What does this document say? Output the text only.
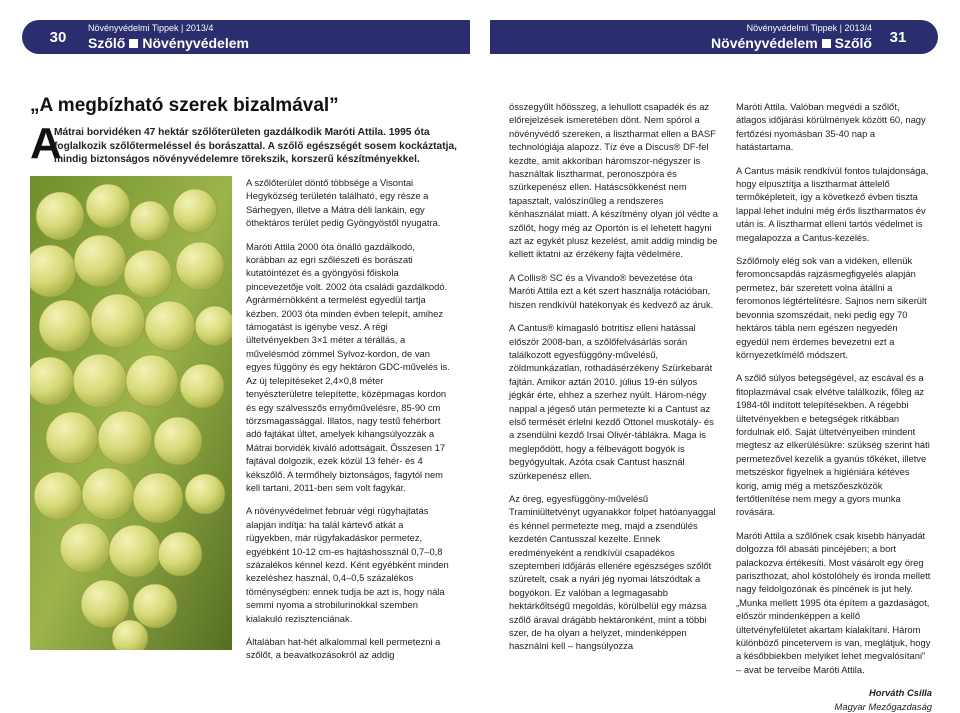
30
Növényvédelmi Tippek | 2013/4
Szőlő Növényvédelem	31
Növényvédelmi Tippek | 2013/4
Növényvédelem Szőlő
„A megbízható szerek bizalmával”
A
Mátrai borvidéken 47 hektár szőlőterületen gazdálkodik Maróti Attila. 1995 óta foglalkozik szőlőtermeléssel és borászattal. A szőlő egészségét sosem kockáztatja, mindig biztonságos növényvédelemre törekszik, korszerű készítményekkel.

A szőlőterület döntő többsége a Visontai Hegyközség területén található, egy része a Sárhegyen, illetve a Mátra déli lankáin, egy öthektáros terület pedig Gyöngyöstől nyugatra.

Maróti Attila 2000 óta önálló gazdálkodó, korábban az egri szőlészeti és borászati kutatóintézet és a gyöngyösi főiskola pincevezetője volt. 2002 óta családi gazdálkodó. Agrármérnökként a termelést egyedül tartja kézben. 2003 óta minden évben telepít, amihez támogatást is igénybe vesz. A régi ültetvényekben 3×1 méter a térállás, a művelésmód zömmel Sylvoz-kordon, de van egyes függöny és egy hektáron GDC-művelés is. Az új telepítéseket 2,4×0,8 méter tenyészterületre telepítette, középmagas kordon és egy szálvesszős ernyőművelésre, 85-90 cm törzsmagassággal. Illatos, nagy testű fehérbort adó fajtákat ültet, amelyek kihangsúlyozzák a Mátrai borvidék kiváló adottságait. Összesen 17 fajtával dolgozik, ezek közül 13 fehér- és 4 kékszőlő. A termőhely biztonságos, fagytól nem kell tartani, 2011-ben sem volt fagykár.

A növényvédelmet február végi rügyhajtatás alapján indítja: ha talál kártevő atkát a rügyekben, már rügyfakadáskor permetez, egyébként 10-12 cm-es hajtáshossznál 0,7–0,8 százalékos kénnel kezd. Ként egyébként minden kezeléshez használ, 0,4–0,5 százalékos töménységben: ennek tudja be azt is, hogy nála semmi nyoma a strobilurinokkal szemben kialakuló rezisztenciának.

Általában hat-hét alkalommal kell permetezni a szőlőt, a beavatkozásokról az addig

összegyűlt hőösszeg, a lehullott csapadék és az előrejelzések ismeretében dönt. Nem spórol a növényvédő szereken, a lisztharmat ellen a BASF technológiája alapozz. Tíz éve a Discus® DF-fel kezdte, amit akkoriban háromszor-négyszer is használtak lisztharmat, peronoszpóra és szürkepenész ellen. Hatáscsökkenést nem tapasztalt, valószínűleg a rendszeres kénhasználat miatt. A készítmény olyan jól védte a szőlőt, hogy még az Oportón is el lehetett hagyni azt az egykét plusz kezelést, amit addig mindig be kellett iktatni az érzékeny fajta védelmére.

A Collis® SC és a Vivando® bevezetése óta Maróti Attila ezt a két szert használja rotációban, hiszen rendkívül hatékonyak és kedvező az áruk.

A Cantus® kimagasló botritisz elleni hatással először 2008-ban, a szőlőfelvásárlás során találkozott egyesfüggöny-művelésű, zöldmunkázatlan, rothadásérzékeny Szürkebarát fajtán. Amikor aztán 2010. július 19-én súlyos jégkár érte, ehhez a szerhez nyúlt. Három-négy nappal a jégeső után permetezte ki a Cantust az első termését érlelni kezdő Ottonel muskotály- és a zsendülni kezdő Irsai Olivér-táblákra. Maga is meglepődött, hogy a félbevágott bogyók is begyógyultak. Azóta csak Cantust használ szürkepenész ellen.

Az öreg, egyesfüggöny-művelésű Traminiültetvényt ugyanakkor folpet hatóanyaggal és kénnel permetezte meg, majd a zsendülés kezdetén Cantusszal kezelte. Ennek eredményeként a rendkívül csapadékos szeptemberi időjárás ellenére egészséges szőlőt szüretelt, csak a nyári jég nyomai látszódtak a bogyókon. Ez valóban a legmagasabb hektárkőltségű megoldás, körülbelül egy mázsa szőlő áraval drágább hektáronként, mint a többi szer, de ha olyan a helyzet, mindenképpen használni kell – hangsúlyozza

Maróti Attila. Valóban megvédi a szőlőt, átlagos időjárási körülmények között 60, nagy fertőzési nyomásban 35-40 nap a hatástartama.

A Cantus másik rendkívül fontos tulajdonsága, hogy elpusztítja a lisztharmat áttelelő termőképleteit, így a következő évben tiszta lappal lehet indulni még érős lisztharmatos év után is. A lisztharmat elleni tartós védelmet is megalapozza a Cantus-kezelés.

Szőlőmoly elég sok van a vidéken, ellenük feromoncsapdás rajzásmegfigyelés alapján permetez, bár szeretett volna átállni a feromonos légtértelítésre. Sajnos nem sikerült bevonnia szomszédait, neki pedig egy 70 hektáros tábla nem egészen negyedén egyedül nem érdemes bevezetni ezt a környezetkímélő módszert.

A szőlő súlyos betegségével, az escával és a fitoplazmával csak elvétve találkozik, főleg az 1984-től indított telepítésekben. A régebbi ültetvényekben e betegségek ritkábban fordulnak elő. Saját ültetvényeiben mindent megtesz az elkerülésükre: szükség szerint háti permetezővel kezelik a gyanús tőkéket, illetve metszéskor figyelnek a higiéniára kétéves korig, amig még a metszőeszközök fertőtlenítése nem megy a gyors munka rovására.

Maróti Attila a szőlőnek csak kisebb hányadát dolgozza fől abasáti pincéjében; a bort palackozva értékesíti. Most vásárolt egy öreg pariszthozat, ahol kóstolóhely és ironda mellett nagy feldolgozónak és pincének is jut hely. „Munka mellett 1995 óta építem a gazdaságot, először mindenképpen a kellő ültetvényfelületet akartam kialakítani. Három különböző pincetervem is van, meglátjuk, hogy a későbbiekben melyiket lehet megvalósítani” – avat be terveibe Maróti Attila.

Horváth Csilla
Magyar Mezőgazdaság
